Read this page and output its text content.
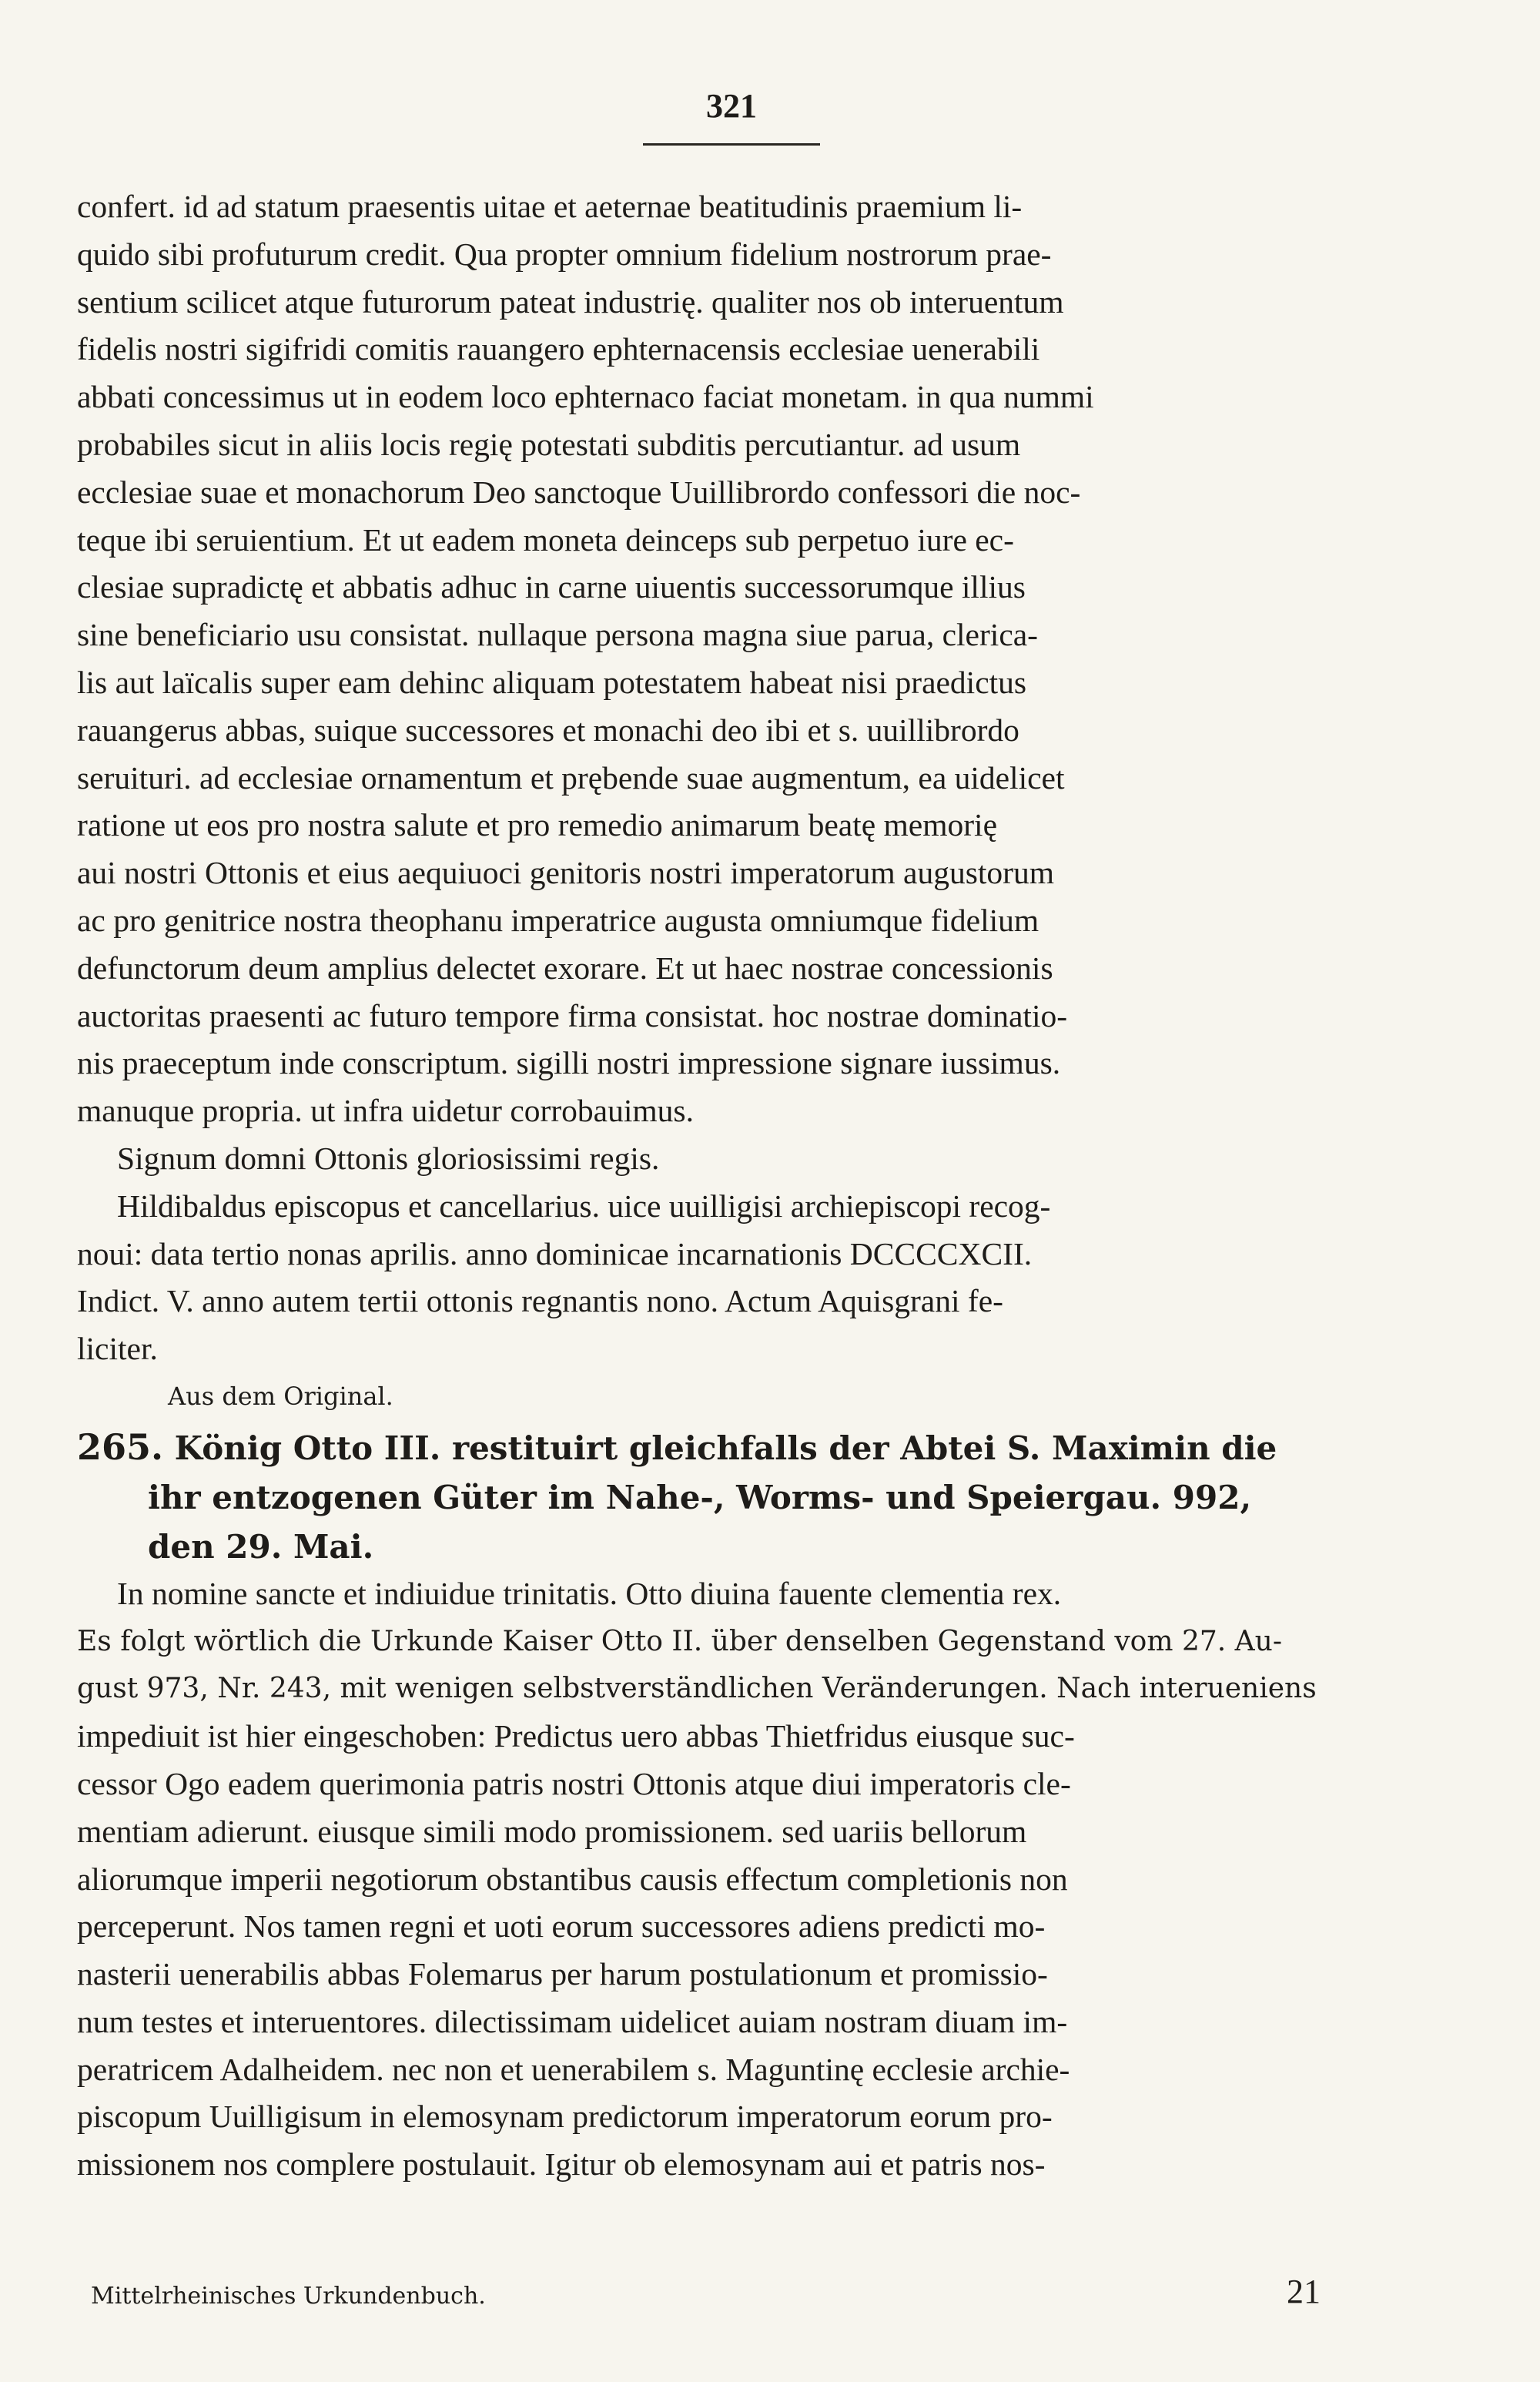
321

confert. id ad statum praesentis uitae et aeternae beatitudinis praemium li-

quido sibi profuturum credit. Qua propter omnium fidelium nostrorum prae-

sentium scilicet atque futurorum pateat industrię. qualiter nos ob interuentum

fidelis nostri sigifridi comitis rauangero ephternacensis ecclesiae uenerabili

abbati concessimus ut in eodem loco ephternaco faciat monetam. in qua nummi

probabiles sicut in aliis locis regię potestati subditis percutiantur. ad usum

ecclesiae suae et monachorum Deo sanctoque Uuillibrordo confessori die noc-

teque ibi seruientium. Et ut eadem moneta deinceps sub perpetuo iure ec-

clesiae supradictę et abbatis adhuc in carne uiuentis successorumque illius

sine beneficiario usu consistat. nullaque persona magna siue parua, clerica-

lis aut laïcalis super eam dehinc aliquam potestatem habeat nisi praedictus

rauangerus abbas, suique successores et monachi deo ibi et s. uuillibrordo

seruituri. ad ecclesiae ornamentum et prębende suae augmentum, ea uidelicet

ratione ut eos pro nostra salute et pro remedio animarum beatę memorię

aui nostri Ottonis et eius aequiuoci genitoris nostri imperatorum augustorum

ac pro genitrice nostra theophanu imperatrice augusta omniumque fidelium

defunctorum deum amplius delectet exorare. Et ut haec nostrae concessionis

auctoritas praesenti ac futuro tempore firma consistat. hoc nostrae dominatio-

nis praeceptum inde conscriptum. sigilli nostri impressione signare iussimus.

manuque propria. ut infra uidetur corrobauimus.

Signum domni Ottonis gloriosissimi regis.

Hildibaldus episcopus et cancellarius. uice uuilligisi archiepiscopi recog-

noui: data tertio nonas aprilis. anno dominicae incarnationis DCCCCXCII.

Indict. V. anno autem tertii ottonis regnantis nono. Actum Aquisgrani fe-

liciter.

Aus dem Original.

265. König Otto III. restituirt gleichfalls der Abtei S. Maximin die

ihr entzogenen Güter im Nahe-, Worms- und Speiergau. 992,

den 29. Mai.

In nomine sancte et indiuidue trinitatis. Otto diuina fauente clementia rex.

Es folgt wörtlich die Urkunde Kaiser Otto II. über denselben Gegenstand vom 27. Au-

gust 973, Nr. 243, mit wenigen selbstverständlichen Veränderungen. Nach interueniens

impediuit ist hier eingeschoben: Predictus uero abbas Thietfridus eiusque suc-

cessor Ogo eadem querimonia patris nostri Ottonis atque diui imperatoris cle-

mentiam adierunt. eiusque simili modo promissionem. sed uariis bellorum

aliorumque imperii negotiorum obstantibus causis effectum completionis non

perceperunt. Nos tamen regni et uoti eorum successores adiens predicti mo-

nasterii uenerabilis abbas Folemarus per harum postulationum et promissio-

num testes et interuentores. dilectissimam uidelicet auiam nostram diuam im-

peratricem Adalheidem. nec non et uenerabilem s. Maguntinę ecclesie archie-

piscopum Uuilligisum in elemosynam predictorum imperatorum eorum pro-

missionem nos complere postulauit. Igitur ob elemosynam aui et patris nos-

Mittelrheinisches Urkundenbuch.	21
